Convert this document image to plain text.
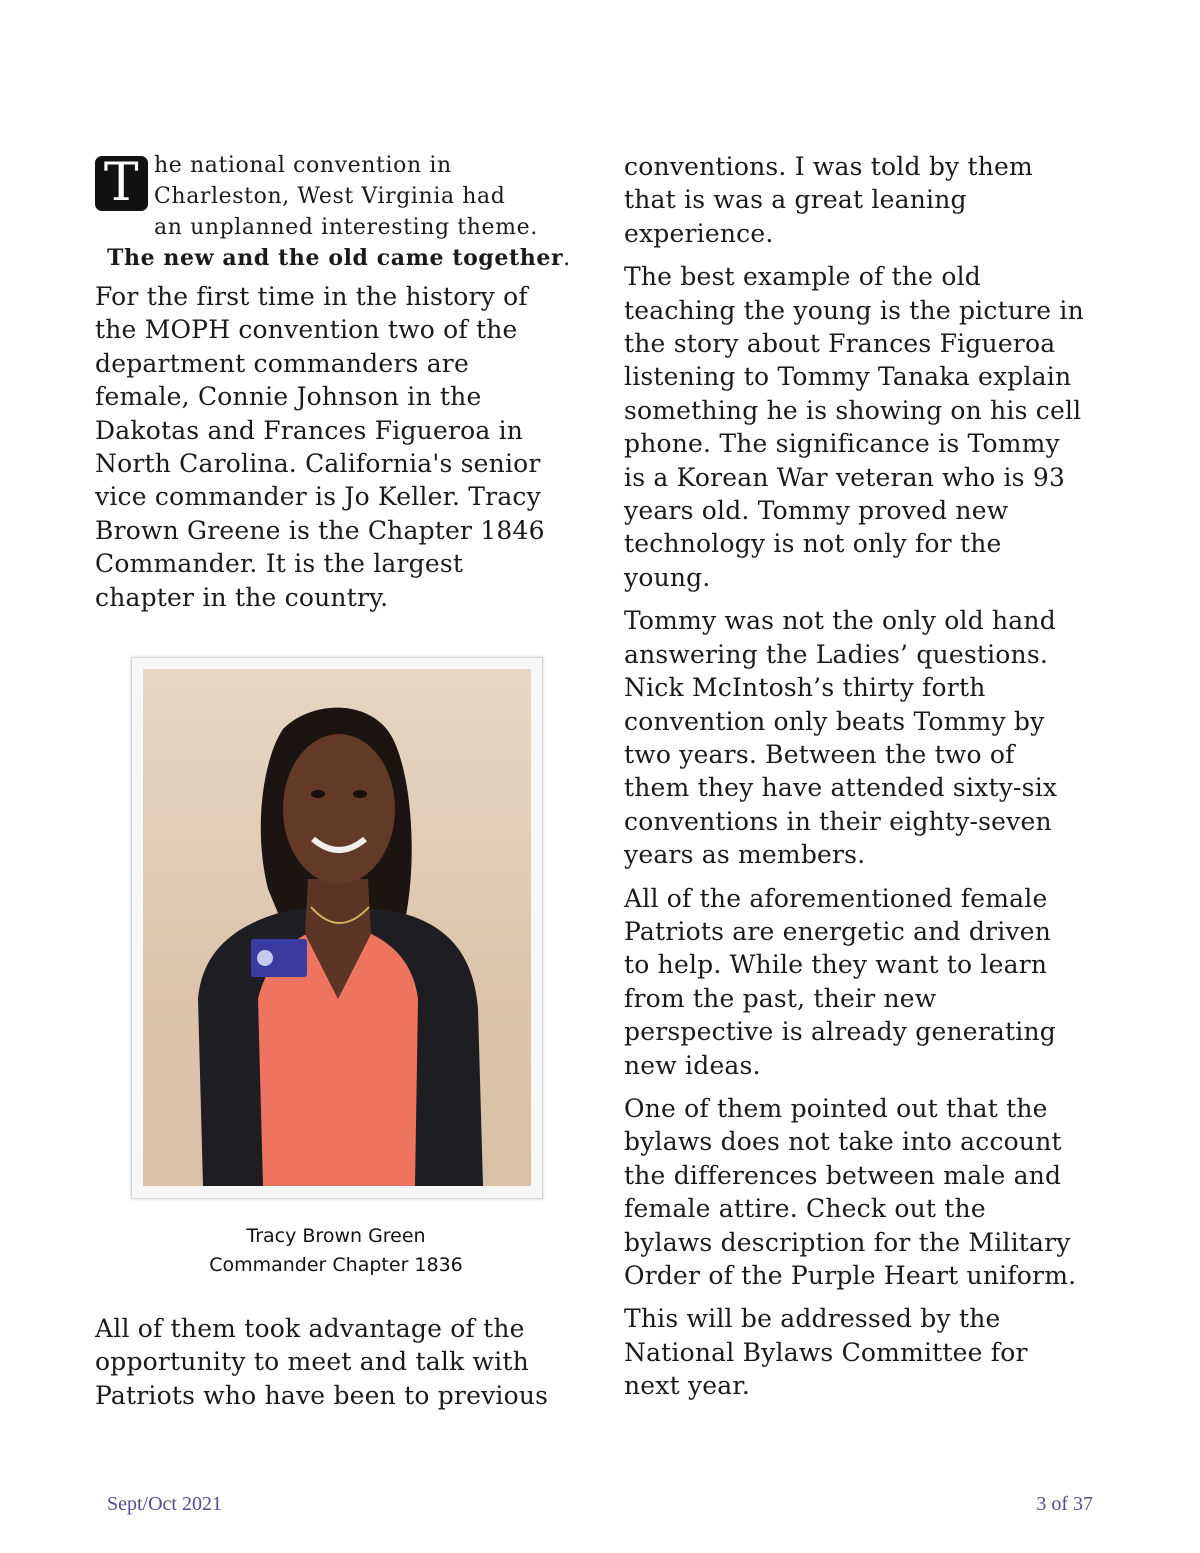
T he national convention in
Charleston, West Virginia had
an unplanned interesting theme.
The new and the old came together.

For the first time in the history of
the MOPH convention two of the
department commanders are
female, Connie Johnson in the
Dakotas and Frances Figueroa in
North Carolina. California's senior
vice commander is Jo Keller. Tracy
Brown Greene is the Chapter 1846
Commander. It is the largest
chapter in the country.

Tracy Brown Green
Commander Chapter 1836

All of them took advantage of the
opportunity to meet and talk with
Patriots who have been to previous

conventions. I was told by them
that is was a great leaning
experience.

The best example of the old
teaching the young is the picture in
the story about Frances Figueroa
listening to Tommy Tanaka explain
something he is showing on his cell
phone. The significance is Tommy
is a Korean War veteran who is 93
years old. Tommy proved new
technology is not only for the
young.

Tommy was not the only old hand
answering the Ladies’ questions.
Nick McIntosh’s thirty forth
convention only beats Tommy by
two years. Between the two of
them they have attended sixty-six
conventions in their eighty-seven
years as members.

All of the aforementioned female
Patriots are energetic and driven
to help. While they want to learn
from the past, their new
perspective is already generating
new ideas.

One of them pointed out that the
bylaws does not take into account
the differences between male and
female attire. Check out the
bylaws description for the Military
Order of the Purple Heart uniform.

This will be addressed by the
National Bylaws Committee for
next year.

Sept/Oct 2021	3 of 37
